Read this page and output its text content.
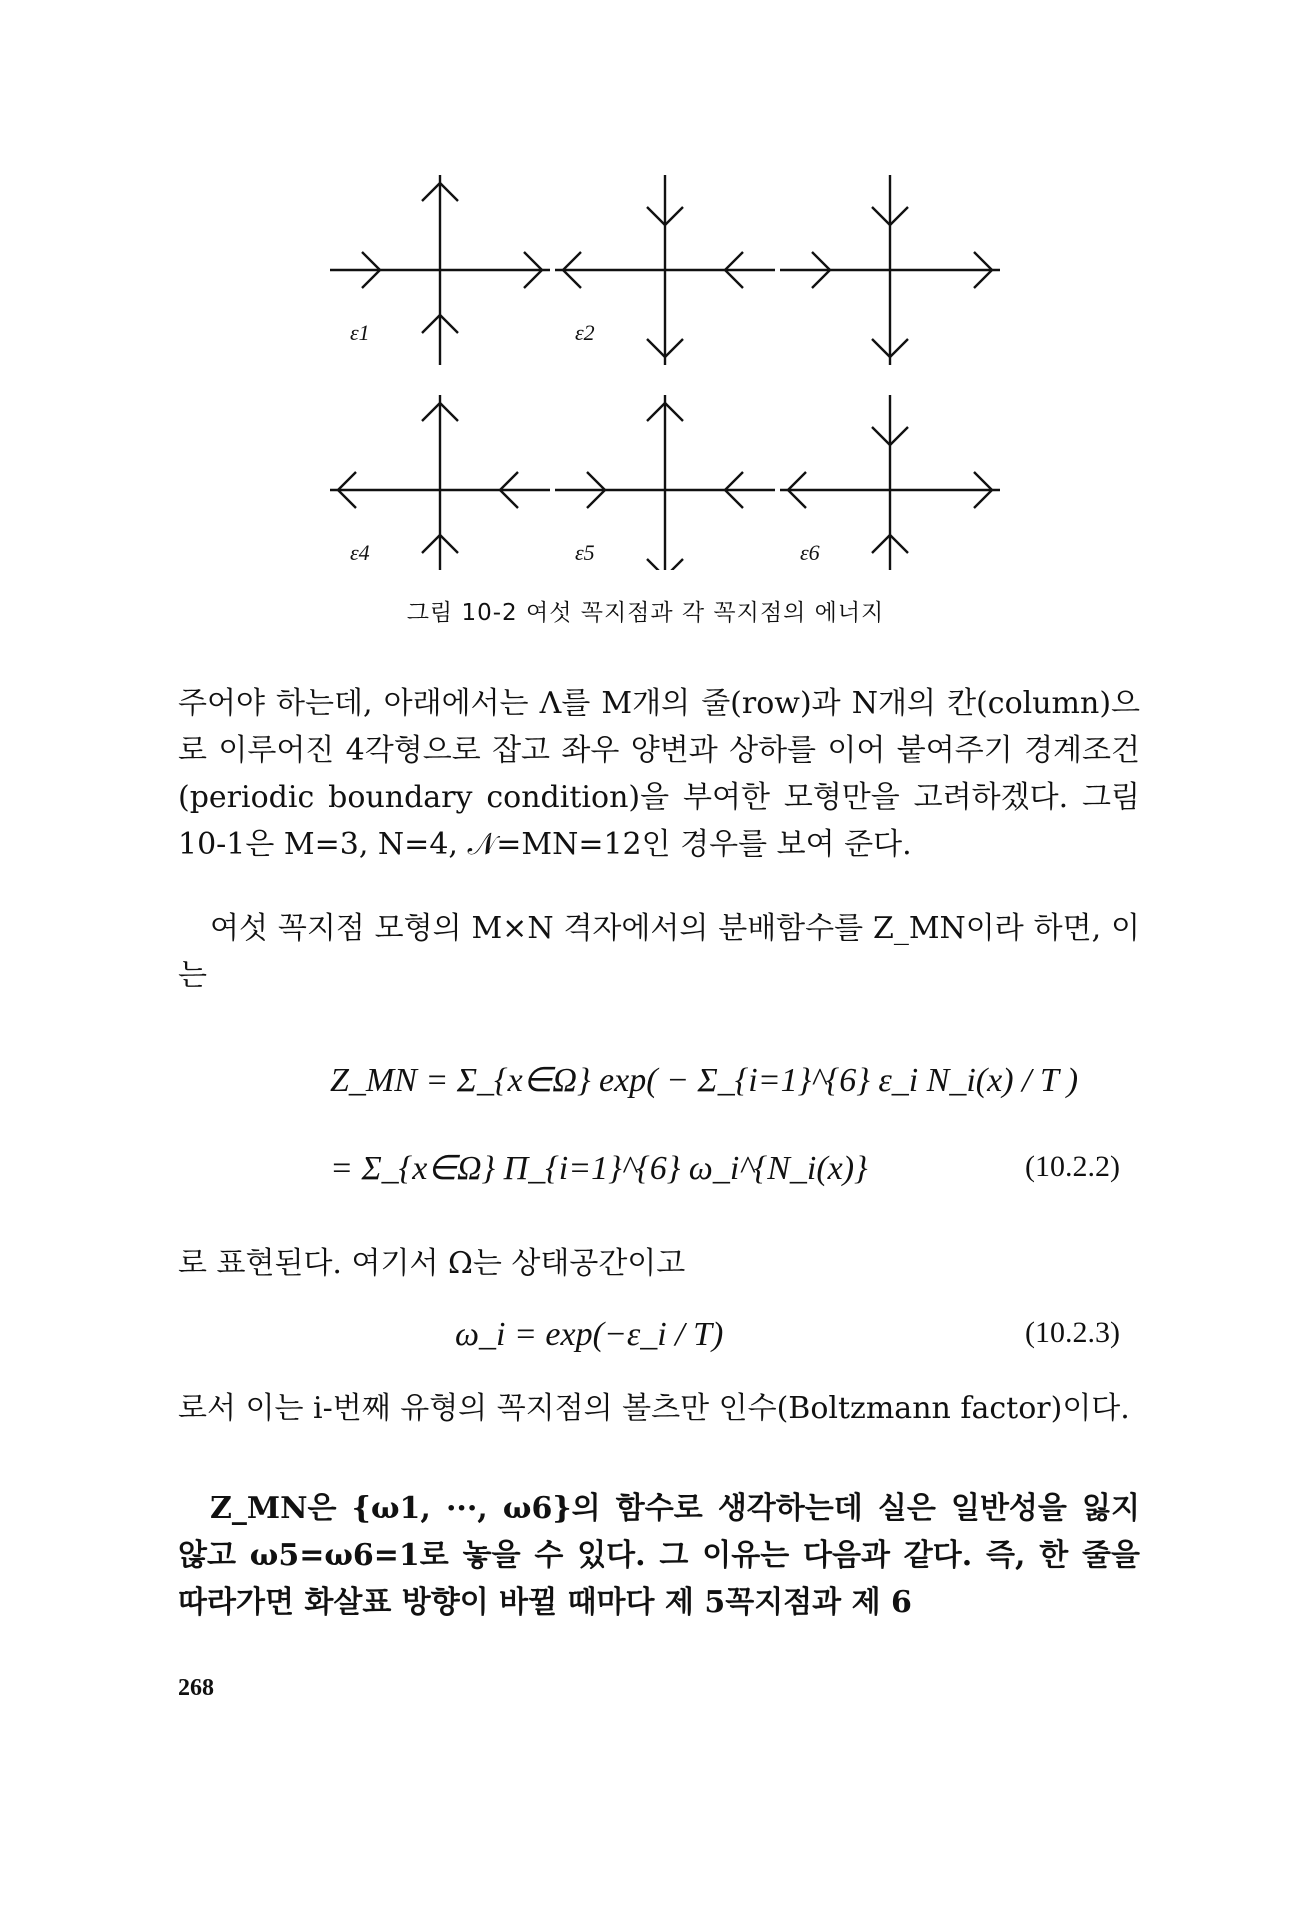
ε1	ε2
ε4	ε5	ε6
그림 10-2 여섯 꼭지점과 각 꼭지점의 에너지
주어야 하는데, 아래에서는 Λ를 M개의 줄(row)과 N개의 칸(column)으로 이루어진 4각형으로 잡고 좌우 양변과 상하를 이어 붙여주기 경계조건(periodic boundary condition)을 부여한 모형만을 고려하겠다. 그림 10-1은 M=3, N=4, 𝒩=MN=12인 경우를 보여 준다.
여섯 꼭지점 모형의 M×N 격자에서의 분배함수를 Z_MN이라 하면, 이는
Z_MN = Σ_{x∈Ω} exp( − Σ_{i=1}^{6} ε_i N_i(x) / T )
= Σ_{x∈Ω} Π_{i=1}^{6} ω_i^{N_i(x)}	(10.2.2)
로 표현된다. 여기서 Ω는 상태공간이고
ω_i = exp(−ε_i / T)	(10.2.3)
로서 이는 i-번째 유형의 꼭지점의 볼츠만 인수(Boltzmann factor)이다.
Z_MN은 {ω1, ···, ω6}의 함수로 생각하는데 실은 일반성을 잃지 않고 ω5=ω6=1로 놓을 수 있다. 그 이유는 다음과 같다. 즉, 한 줄을 따라가면 화살표 방향이 바뀔 때마다 제 5꼭지점과 제 6
268
